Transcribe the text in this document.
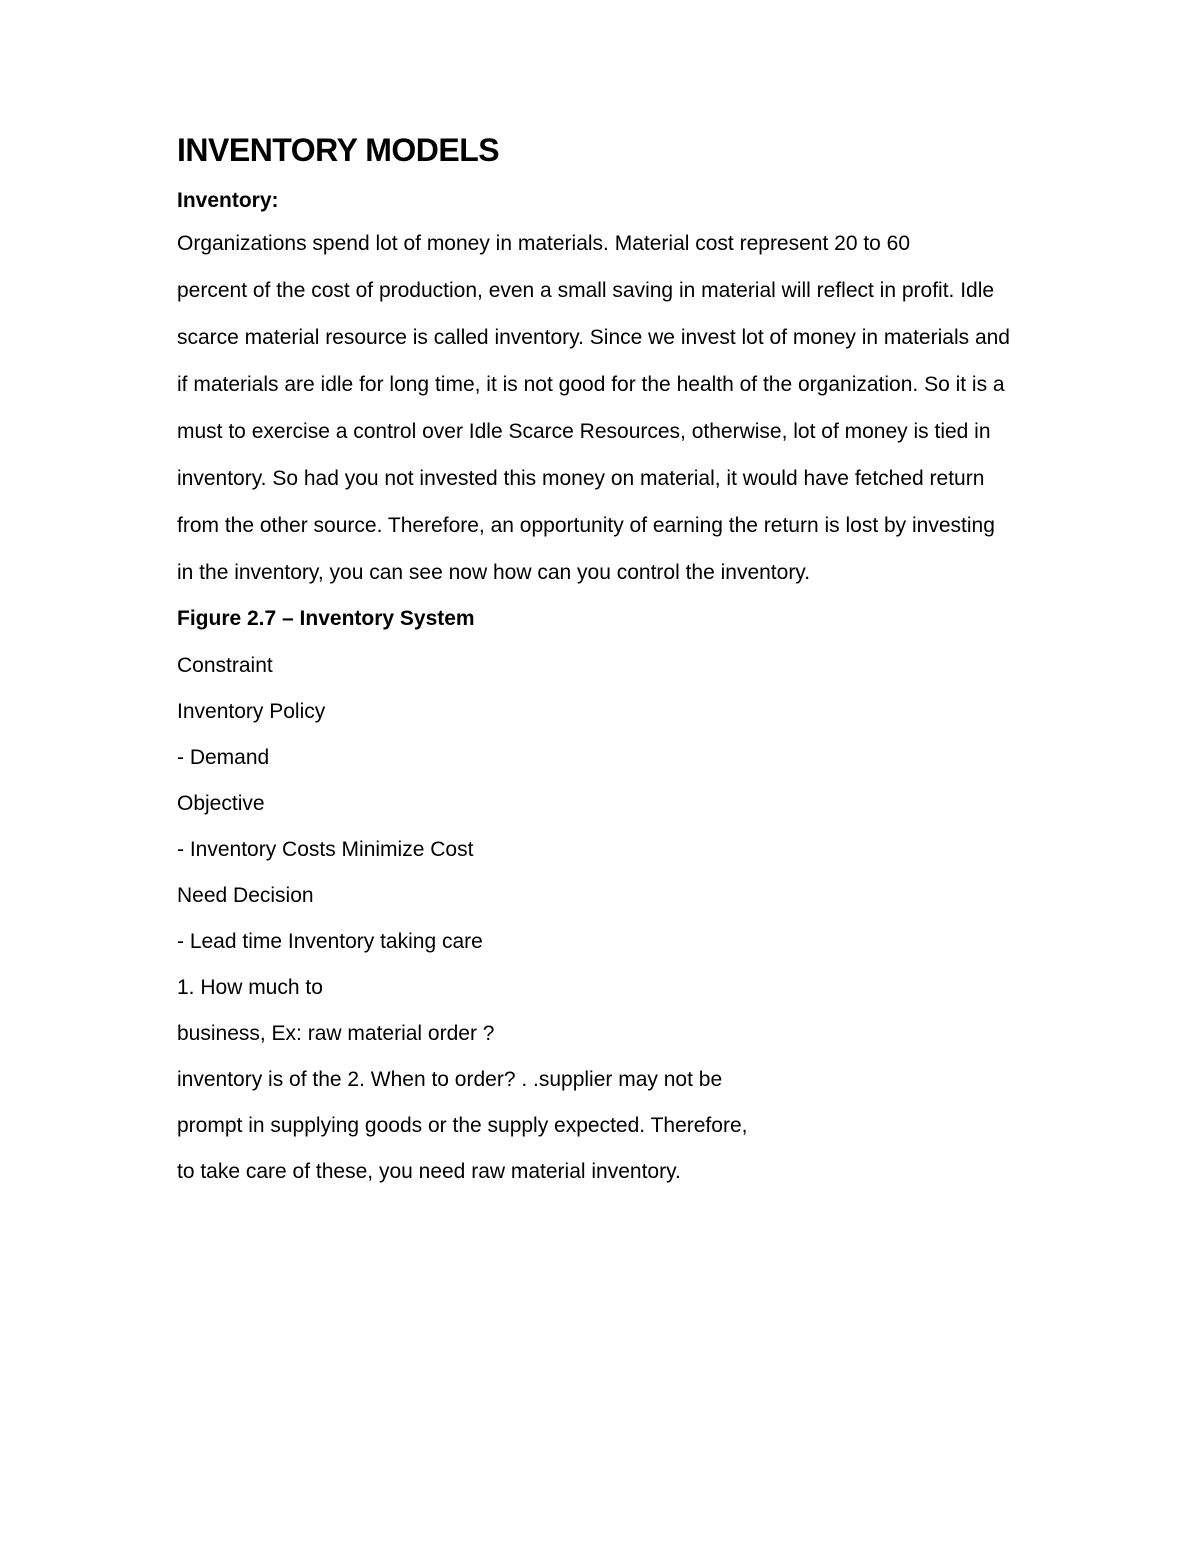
INVENTORY MODELS
Inventory:
Organizations spend lot of money in materials. Material cost represent 20 to 60
percent of the cost of production, even a small saving in material will reflect in profit. Idle
scarce material resource is called inventory. Since we invest lot of money in materials and
if materials are idle for long time, it is not good for the health of the organization. So it is a
must to exercise a control over Idle Scarce Resources, otherwise, lot of money is tied in
inventory. So had you not invested this money on material, it would have fetched return
from the other source. Therefore, an opportunity of earning the return is lost by investing
in the inventory, you can see now how can you control the inventory.
Figure 2.7 – Inventory System
Constraint
Inventory Policy
- Demand
Objective
- Inventory Costs Minimize Cost
Need Decision
- Lead time Inventory taking care
1. How much to
business, Ex: raw material order ?
inventory is of the 2. When to order? . .supplier may not be
prompt in supplying goods or the supply expected. Therefore,
to take care of these, you need raw material inventory.
